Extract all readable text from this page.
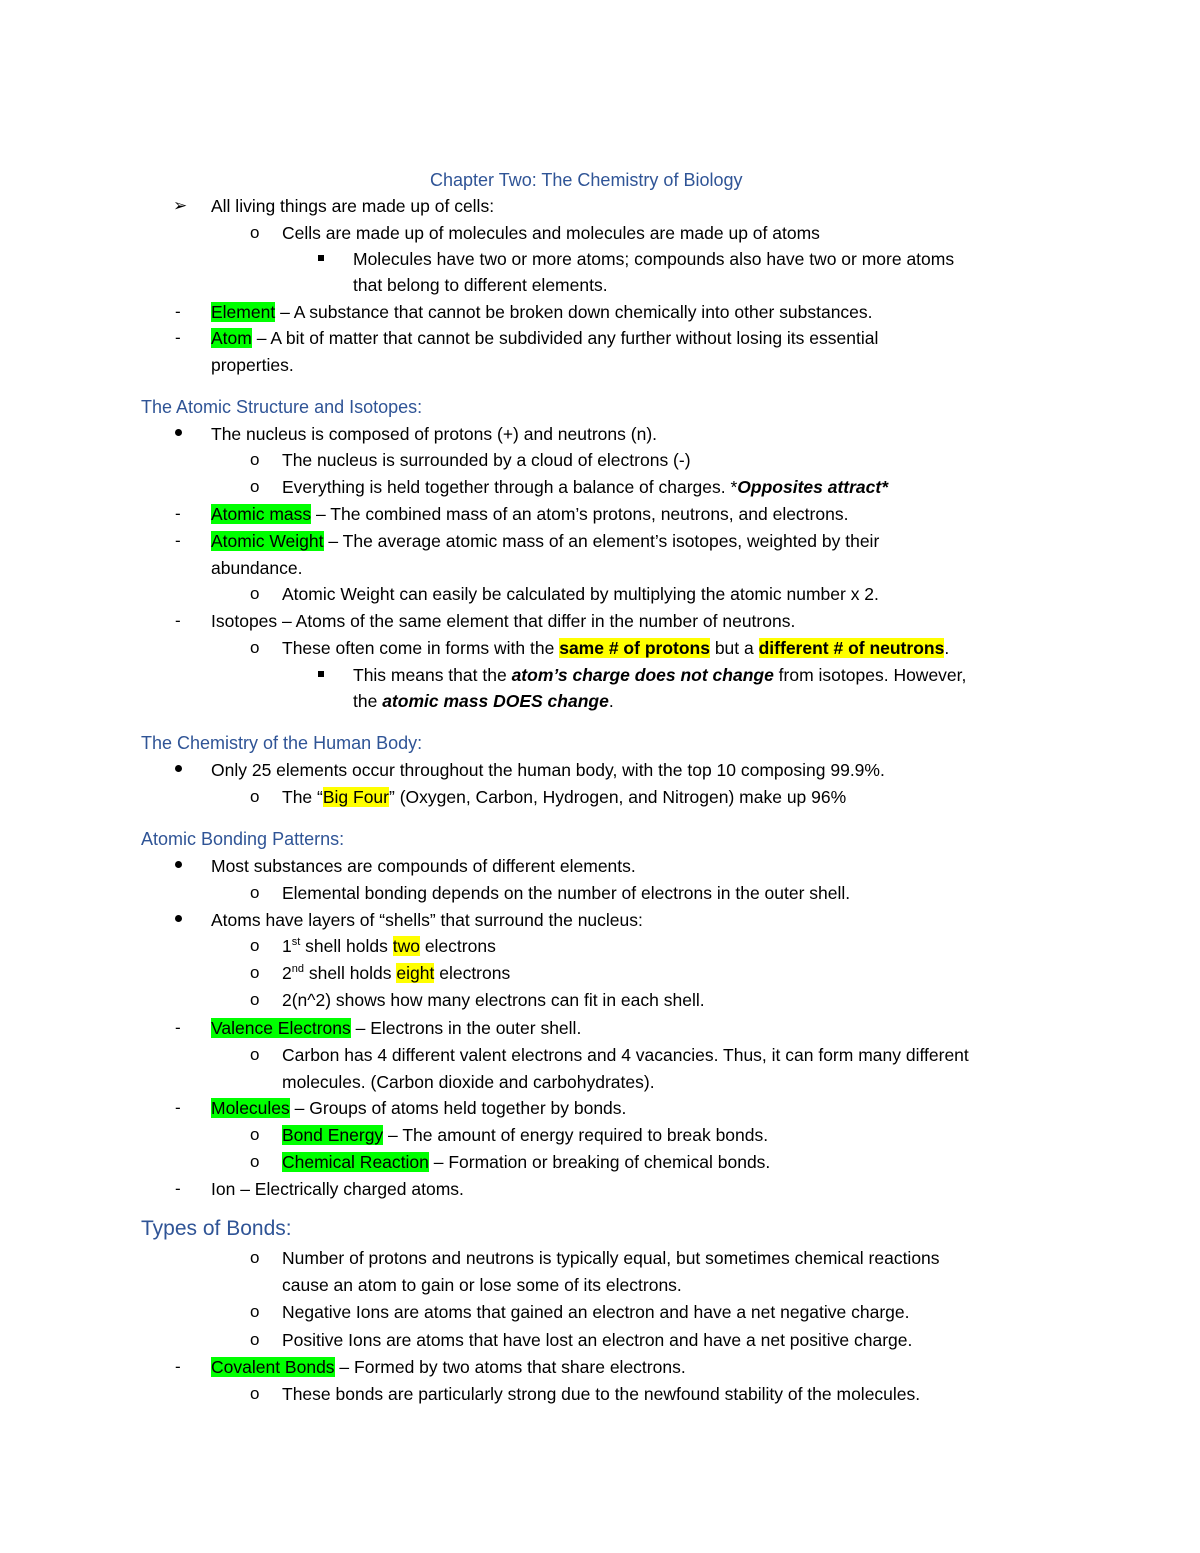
Chapter Two: The Chemistry of Biology
➢ All living things are made up of cells:
o Cells are made up of molecules and molecules are made up of atoms
Molecules have two or more atoms; compounds also have two or more atoms
that belong to different elements.
- Element – A substance that cannot be broken down chemically into other substances.
- Atom – A bit of matter that cannot be subdivided any further without losing its essential
properties.
The Atomic Structure and Isotopes:
The nucleus is composed of protons (+) and neutrons (n).
o The nucleus is surrounded by a cloud of electrons (-)
o Everything is held together through a balance of charges. *Opposites attract*
- Atomic mass – The combined mass of an atom’s protons, neutrons, and electrons.
- Atomic Weight – The average atomic mass of an element’s isotopes, weighted by their
abundance.
o Atomic Weight can easily be calculated by multiplying the atomic number x 2.
- Isotopes – Atoms of the same element that differ in the number of neutrons.
o These often come in forms with the same # of protons but a different # of neutrons.
This means that the atom’s charge does not change from isotopes. However,
the atomic mass DOES change.
The Chemistry of the Human Body:
Only 25 elements occur throughout the human body, with the top 10 composing 99.9%.
o The “Big Four” (Oxygen, Carbon, Hydrogen, and Nitrogen) make up 96%
Atomic Bonding Patterns:
Most substances are compounds of different elements.
o Elemental bonding depends on the number of electrons in the outer shell.
Atoms have layers of “shells” that surround the nucleus:
o 1st shell holds two electrons
o 2nd shell holds eight electrons
o 2(n^2) shows how many electrons can fit in each shell.
- Valence Electrons – Electrons in the outer shell.
o Carbon has 4 different valent electrons and 4 vacancies. Thus, it can form many different
molecules. (Carbon dioxide and carbohydrates).
- Molecules – Groups of atoms held together by bonds.
o Bond Energy – The amount of energy required to break bonds.
o Chemical Reaction – Formation or breaking of chemical bonds.
- Ion – Electrically charged atoms.
Types of Bonds:
o Number of protons and neutrons is typically equal, but sometimes chemical reactions
cause an atom to gain or lose some of its electrons.
o Negative Ions are atoms that gained an electron and have a net negative charge.
o Positive Ions are atoms that have lost an electron and have a net positive charge.
- Covalent Bonds – Formed by two atoms that share electrons.
o These bonds are particularly strong due to the newfound stability of the molecules.
